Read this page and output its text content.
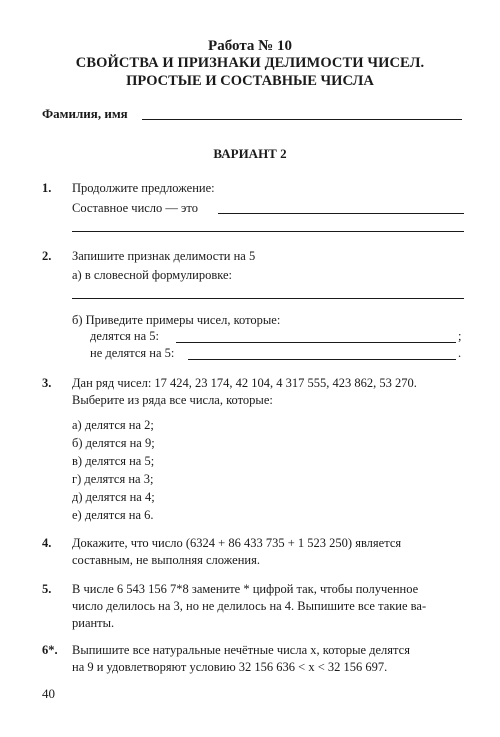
Работа № 10
СВОЙСТВА И ПРИЗНАКИ ДЕЛИМОСТИ ЧИСЕЛ.
ПРОСТЫЕ И СОСТАВНЫЕ ЧИСЛА
Фамилия, имя
ВАРИАНТ 2
1. Продолжите предложение:
Составное число — это
2. Запишите признак делимости на 5
а) в словесной формулировке:
б) Приведите примеры чисел, которые:
делятся на 5:	;
не делятся на 5:	.
3. Дан ряд чисел: 17 424, 23 174, 42 104, 4 317 555, 423 862, 53 270.
Выберите из ряда все числа, которые:
а) делятся на 2;
б) делятся на 9;
в) делятся на 5;
г) делятся на 3;
д) делятся на 4;
е) делятся на 6.
4. Докажите, что число (6324 + 86 433 735 + 1 523 250) является
составным, не выполняя сложения.
5. В числе 6 543 156 7*8 замените * цифрой так, чтобы полученное
число делилось на 3, но не делилось на 4. Выпишите все такие ва-
рианты.
6*. Выпишите все натуральные нечётные числа x, которые делятся
на 9 и удовлетворяют условию 32 156 636 < x < 32 156 697.
40
